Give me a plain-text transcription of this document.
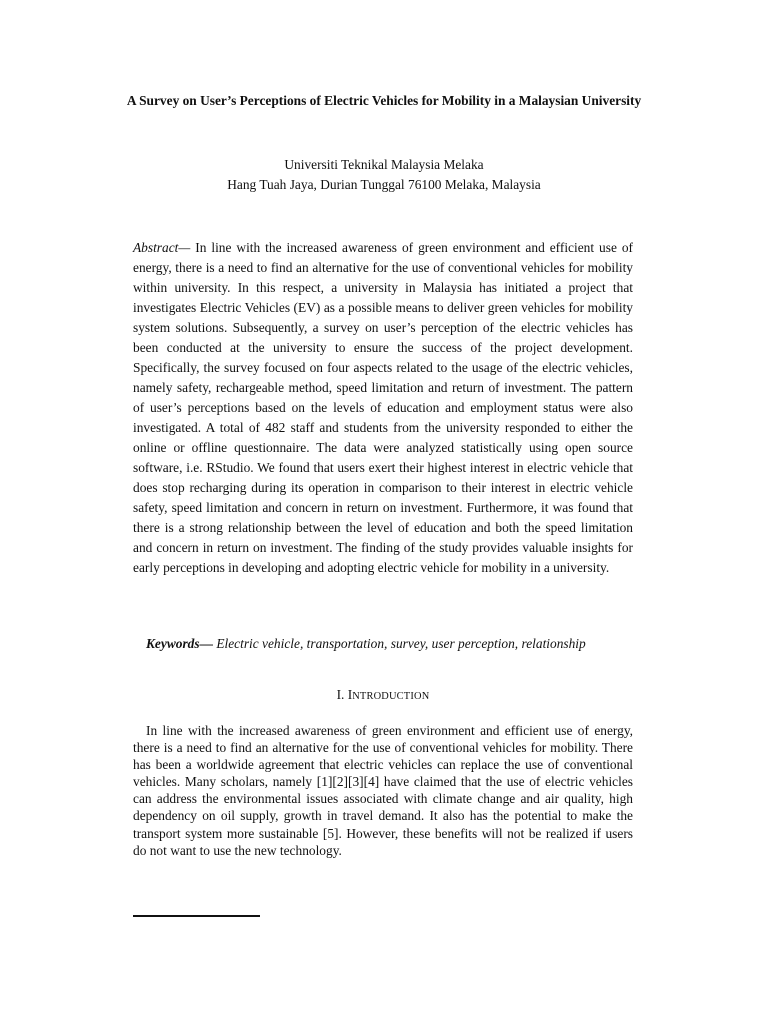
A Survey on User’s Perceptions of Electric Vehicles for Mobility in a Malaysian University
Universiti Teknikal Malaysia Melaka
Hang Tuah Jaya, Durian Tunggal 76100 Melaka, Malaysia

Abstract— In line with the increased awareness of green environment and efficient use of energy, there is a need to find an alternative for the use of conventional vehicles for mobility within university. In this respect, a university in Malaysia has initiated a project that investigates Electric Vehicles (EV) as a possible means to deliver green vehicles for mobility system solutions. Subsequently, a survey on user’s perception of the electric vehicles has been conducted at the university to ensure the success of the project development. Specifically, the survey focused on four aspects related to the usage of the electric vehicles, namely safety, rechargeable method, speed limitation and return of investment. The pattern of user’s perceptions based on the levels of education and employment status were also investigated. A total of 482 staff and students from the university responded to either the online or offline questionnaire. The data were analyzed statistically using open source software, i.e. RStudio. We found that users exert their highest interest in electric vehicle that does stop recharging during its operation in comparison to their interest in electric vehicle safety, speed limitation and concern in return on investment. Furthermore, it was found that there is a strong relationship between the level of education and both the speed limitation and concern in return on investment. The finding of the study provides valuable insights for early perceptions in developing and adopting electric vehicle for mobility in a university.

Keywords— Electric vehicle, transportation, survey, user perception, relationship

I. INTRODUCTION

In line with the increased awareness of green environment and efficient use of energy, there is a need to find an alternative for the use of conventional vehicles for mobility. There has been a worldwide agreement that electric vehicles can replace the use of conventional vehicles. Many scholars, namely [1][2][3][4] have claimed that the use of electric vehicles can address the environmental issues associated with climate change and air quality, high dependency on oil supply, growth in travel demand. It also has the potential to make the transport system more sustainable [5]. However, these benefits will not be realized if users do not want to use the new technology.
